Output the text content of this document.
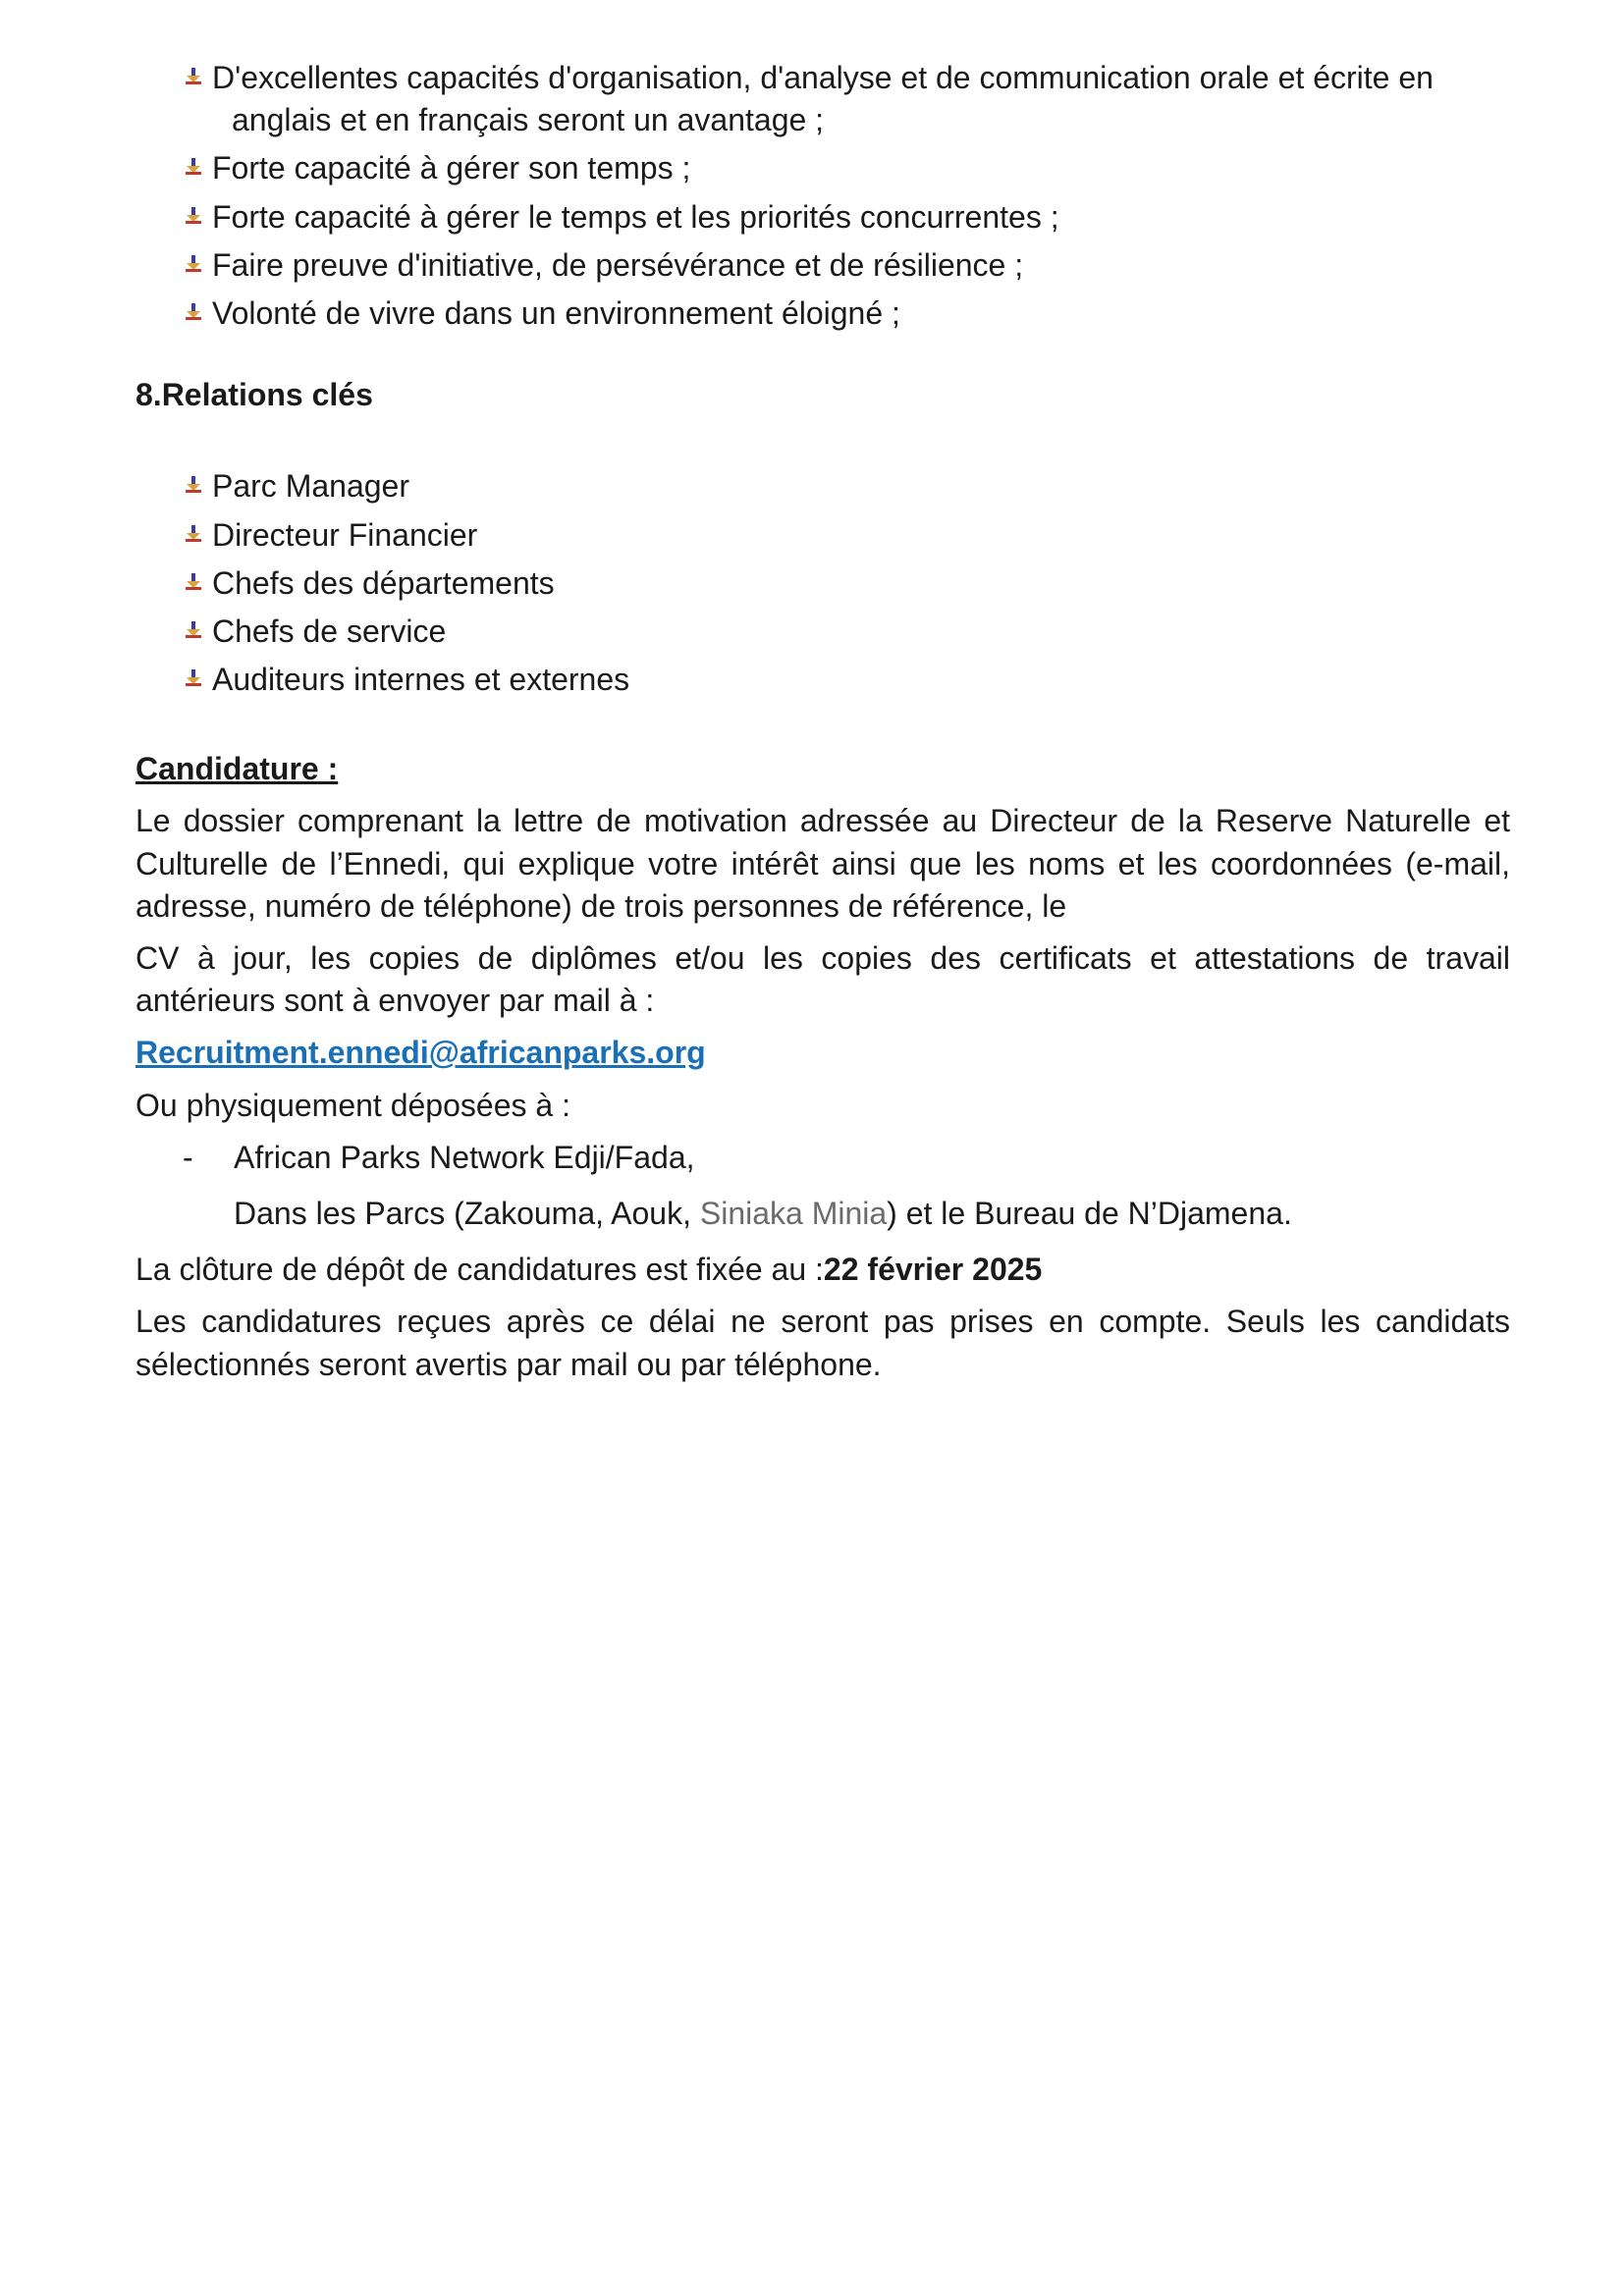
D'excellentes capacités d'organisation, d'analyse et de communication orale et écrite en
anglais et en français seront un avantage ;
Forte capacité à gérer son temps ;
Forte capacité à gérer le temps et les priorités concurrentes ;
Faire preuve d'initiative, de persévérance et de résilience ;
Volonté de vivre dans un environnement éloigné ;
8.Relations clés
Parc Manager
Directeur Financier
Chefs des départements
Chefs de service
Auditeurs internes et externes
Candidature :

Le dossier comprenant la lettre de motivation adressée au Directeur de la Reserve Naturelle et Culturelle de l’Ennedi, qui explique votre intérêt ainsi que les noms et les coordonnées (e-mail, adresse, numéro de téléphone) de trois personnes de référence, le

CV à jour, les copies de diplômes et/ou les copies des certificats et attestations de travail antérieurs sont à envoyer par mail à :

Recruitment.ennedi@africanparks.org

Ou physiquement déposées à :

- African Parks Network Edji/Fada,
Dans les Parcs (Zakouma, Aouk, Siniaka Minia) et le Bureau de N’Djamena.

La clôture de dépôt de candidatures est fixée au :22 février 2025

Les candidatures reçues après ce délai ne seront pas prises en compte. Seuls les candidats sélectionnés seront avertis par mail ou par téléphone.
